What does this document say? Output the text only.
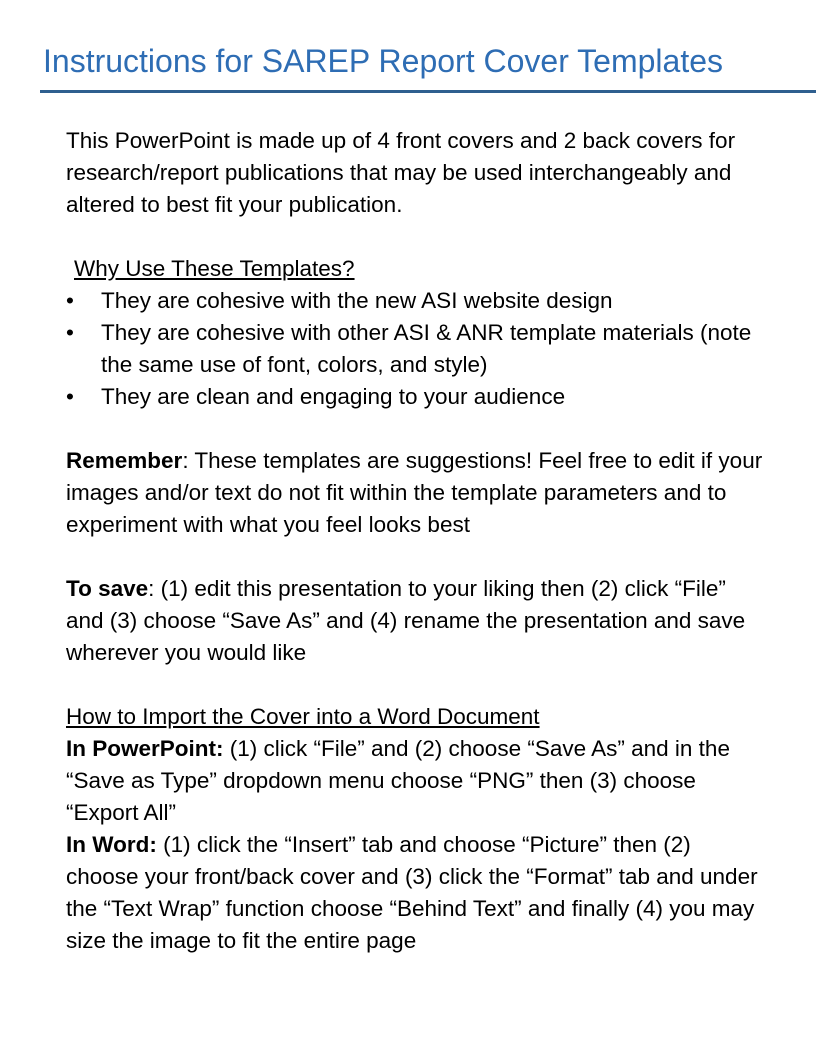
Instructions for SAREP Report Cover Templates

This PowerPoint is made up of 4 front covers and 2 back covers for research/report publications that may be used interchangeably and altered to best fit your publication.

Why Use These Templates?

• They are cohesive with the new ASI website design
• They are cohesive with other ASI & ANR template materials (note the same use of font, colors, and style)
• They are clean and engaging to your audience

Remember: These templates are suggestions! Feel free to edit if your images and/or text do not fit within the template parameters and to experiment with what you feel looks best

To save: (1) edit this presentation to your liking then (2) click “File” and (3) choose “Save As” and (4) rename the presentation and save wherever you would like

How to Import the Cover into a Word Document

In PowerPoint: (1) click “File” and (2) choose “Save As” and in the “Save as Type” dropdown menu choose “PNG” then (3) choose “Export All”

In Word: (1) click the “Insert” tab and choose “Picture” then (2) choose your front/back cover and (3) click the “Format” tab and under the “Text Wrap” function choose “Behind Text” and finally (4) you may size the image to fit the entire page
